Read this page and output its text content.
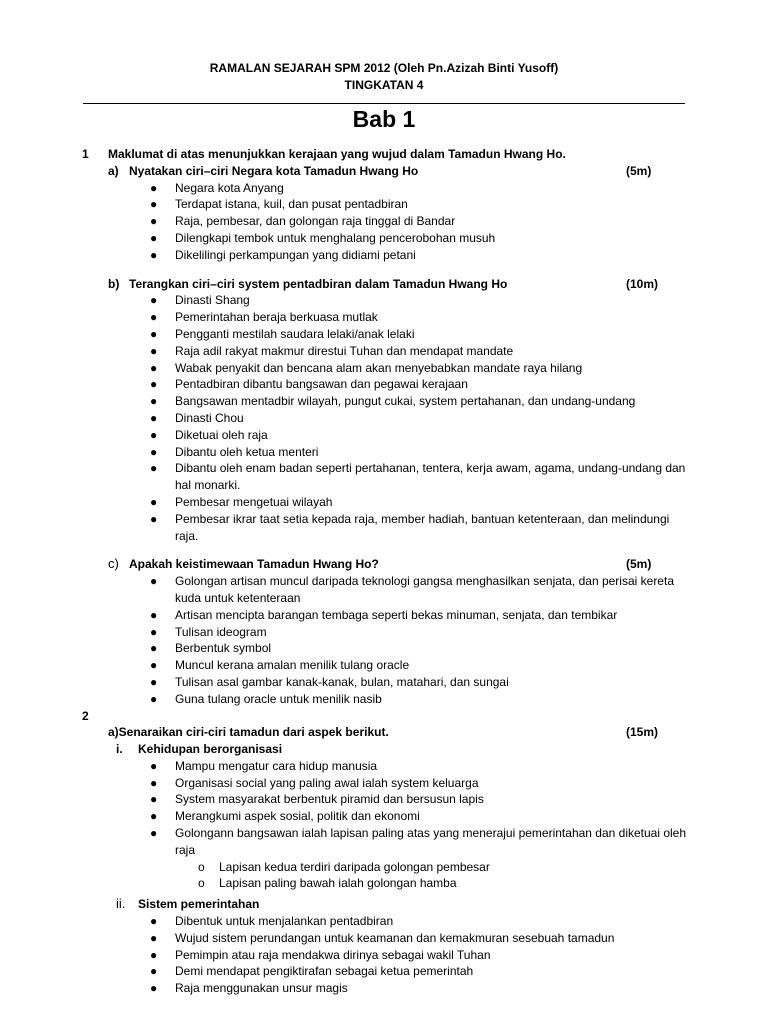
RAMALAN SEJARAH SPM 2012 (Oleh Pn.Azizah Binti Yusoff)
TINGKATAN 4
Bab 1
1 Maklumat di atas menunjukkan kerajaan yang wujud dalam Tamadun Hwang Ho.
a) Nyatakan ciri–ciri Negara kota Tamadun Hwang Ho	(5m)
● Negara kota Anyang
● Terdapat istana, kuil, dan pusat pentadbiran
● Raja, pembesar, dan golongan raja tinggal di Bandar
● Dilengkapi tembok untuk menghalang pencerobohan musuh
● Dikelilingi perkampungan yang didiami petani
b) Terangkan ciri–ciri system pentadbiran dalam Tamadun Hwang Ho	(10m)
● Dinasti Shang
● Pemerintahan beraja berkuasa mutlak
● Pengganti mestilah saudara lelaki/anak lelaki
● Raja adil rakyat makmur direstui Tuhan dan mendapat mandate
● Wabak penyakit dan bencana alam akan menyebabkan mandate raya hilang
● Pentadbiran dibantu bangsawan dan pegawai kerajaan
● Bangsawan mentadbir wilayah, pungut cukai, system pertahanan, dan undang-undang
● Dinasti Chou
● Diketuai oleh raja
● Dibantu oleh ketua menteri
● Dibantu oleh enam badan seperti pertahanan, tentera, kerja awam, agama, undang-undang dan hal monarki.
● Pembesar mengetuai wilayah
● Pembesar ikrar taat setia kepada raja, member hadiah, bantuan ketenteraan, dan melindungi raja.
c) Apakah keistimewaan Tamadun Hwang Ho?	(5m)
● Golongan artisan muncul daripada teknologi gangsa menghasilkan senjata, dan perisai kereta kuda untuk ketenteraan
● Artisan mencipta barangan tembaga seperti bekas minuman, senjata, dan tembikar
● Tulisan ideogram
● Berbentuk symbol
● Muncul kerana amalan menilik tulang oracle
● Tulisan asal gambar kanak-kanak, bulan, matahari, dan sungai
● Guna tulang oracle untuk menilik nasib
2
a)Senaraikan ciri-ciri tamadun dari aspek berikut.	(15m)
i. Kehidupan berorganisasi
● Mampu mengatur cara hidup manusia
● Organisasi social yang paling awal ialah system keluarga
● System masyarakat berbentuk piramid dan bersusun lapis
● Merangkumi aspek sosial, politik dan ekonomi
● Golongann bangsawan ialah lapisan paling atas yang menerajui pemerintahan dan diketuai oleh raja
o Lapisan kedua terdiri daripada golongan pembesar
o Lapisan paling bawah ialah golongan hamba
ii. Sistem pemerintahan
● Dibentuk untuk menjalankan pentadbiran
● Wujud sistem perundangan untuk keamanan dan kemakmuran sesebuah tamadun
● Pemimpin atau raja mendakwa dirinya sebagai wakil Tuhan
● Demi mendapat pengiktirafan sebagai ketua pemerintah
● Raja menggunakan unsur magis
